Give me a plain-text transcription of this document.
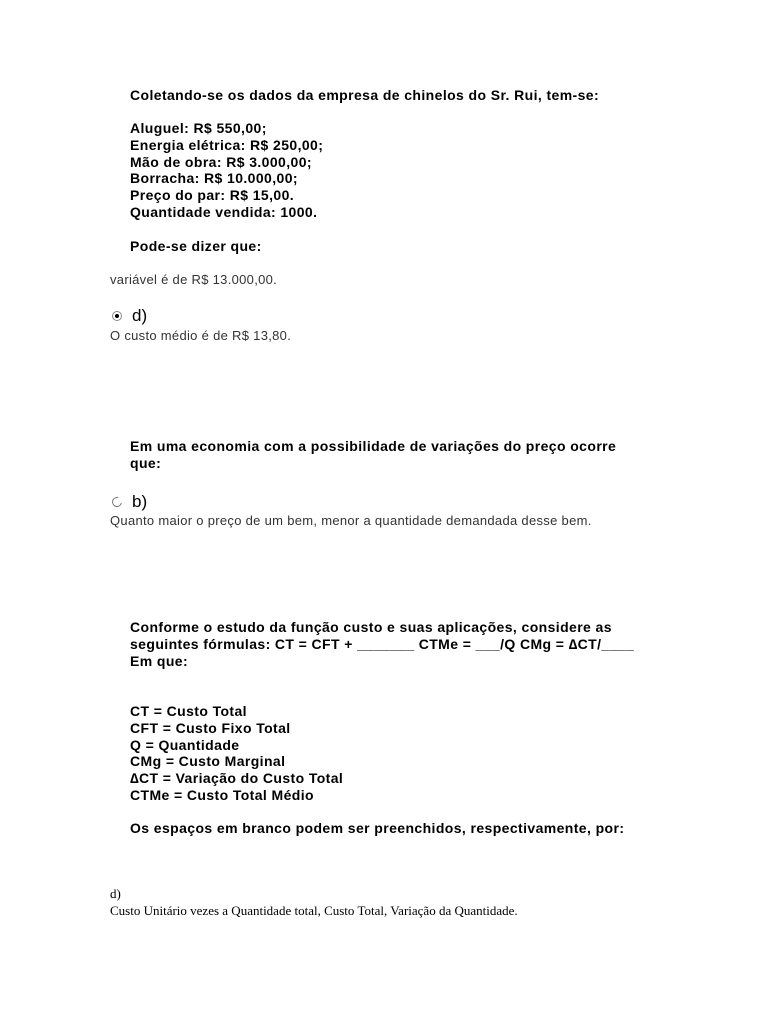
Coletando-se os dados da empresa de chinelos do Sr. Rui, tem-se:
Aluguel: R$ 550,00;
Energia elétrica: R$ 250,00;
Mão de obra: R$ 3.000,00;
Borracha: R$ 10.000,00;
Preço do par: R$ 15,00.
Quantidade vendida: 1000.
Pode-se dizer que:
variável é de R$ 13.000,00.
d)
O custo médio é de R$ 13,80.
Em uma economia com a possibilidade de variações do preço ocorre
que:
b)
Quanto maior o preço de um bem, menor a quantidade demandada desse bem.
Conforme o estudo da função custo e suas aplicações, considere as
seguintes fórmulas: CT = CFT + _______ CTMe = ___/Q CMg = ∆CT/____
Em que:
CT = Custo Total
CFT = Custo Fixo Total
Q = Quantidade
CMg = Custo Marginal
∆CT = Variação do Custo Total
CTMe = Custo Total Médio
Os espaços em branco podem ser preenchidos, respectivamente, por:
d)
Custo Unitário vezes a Quantidade total, Custo Total, Variação da Quantidade.
